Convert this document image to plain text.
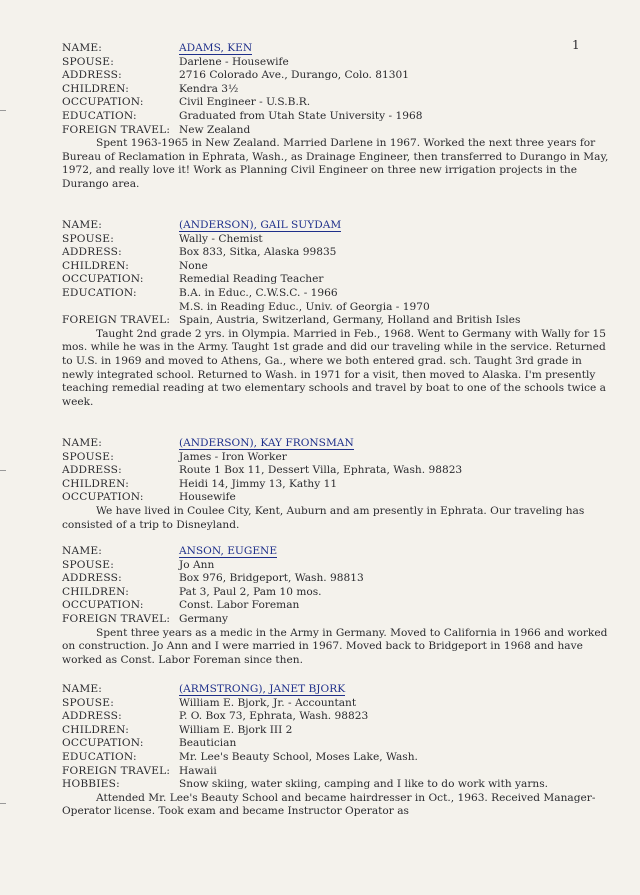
1
NAME:	ADAMS, KEN
SPOUSE:	Darlene - Housewife
ADDRESS:	2716 Colorado Ave., Durango, Colo. 81301
CHILDREN:	Kendra 3½
OCCUPATION:	Civil Engineer - U.S.B.R.
EDUCATION:	Graduated from Utah State University - 1968
FOREIGN TRAVEL: New Zealand

Spent 1963-1965 in New Zealand. Married Darlene in 1967. Worked the next three years for Bureau of Reclamation in Ephrata, Wash., as Drainage Engineer, then transferred to Durango in May, 1972, and really love it! Work as Planning Civil Engineer on three new irrigation projects in the Durango area.

NAME:	(ANDERSON), GAIL SUYDAM
SPOUSE:	Wally - Chemist
ADDRESS:	Box 833, Sitka, Alaska 99835
CHILDREN:	None
OCCUPATION:	Remedial Reading Teacher
EDUCATION:	B.A. in Educ., C.W.S.C. - 1966
M.S. in Reading Educ., Univ. of Georgia - 1970
FOREIGN TRAVEL: Spain, Austria, Switzerland, Germany, Holland and British Isles

Taught 2nd grade 2 yrs. in Olympia. Married in Feb., 1968. Went to Germany with Wally for 15 mos. while he was in the Army. Taught 1st grade and did our traveling while in the service. Returned to U.S. in 1969 and moved to Athens, Ga., where we both entered grad. sch. Taught 3rd grade in newly integrated school. Returned to Wash. in 1971 for a visit, then moved to Alaska. I'm presently teaching remedial reading at two elementary schools and travel by boat to one of the schools twice a week.

NAME:	(ANDERSON), KAY FRONSMAN
SPOUSE:	James - Iron Worker
ADDRESS:	Route 1 Box 11, Dessert Villa, Ephrata, Wash. 98823
CHILDREN:	Heidi 14, Jimmy 13, Kathy 11
OCCUPATION:	Housewife

We have lived in Coulee City, Kent, Auburn and am presently in Ephrata. Our traveling has consisted of a trip to Disneyland.

NAME:	ANSON, EUGENE
SPOUSE:	Jo Ann
ADDRESS:	Box 976, Bridgeport, Wash. 98813
CHILDREN:	Pat 3, Paul 2, Pam 10 mos.
OCCUPATION:	Const. Labor Foreman
FOREIGN TRAVEL: Germany

Spent three years as a medic in the Army in Germany. Moved to California in 1966 and worked on construction. Jo Ann and I were married in 1967. Moved back to Bridgeport in 1968 and have worked as Const. Labor Foreman since then.

NAME:	(ARMSTRONG), JANET BJORK
SPOUSE:	William E. Bjork, Jr. - Accountant
ADDRESS:	P. O. Box 73, Ephrata, Wash. 98823
CHILDREN:	William E. Bjork III 2
OCCUPATION:	Beautician
EDUCATION:	Mr. Lee's Beauty School, Moses Lake, Wash.
FOREIGN TRAVEL: Hawaii
HOBBIES:	Snow skiing, water skiing, camping and I like to do work with yarns.

Attended Mr. Lee's Beauty School and became hairdresser in Oct., 1963. Received Manager-Operator license. Took exam and became Instructor Operator as
